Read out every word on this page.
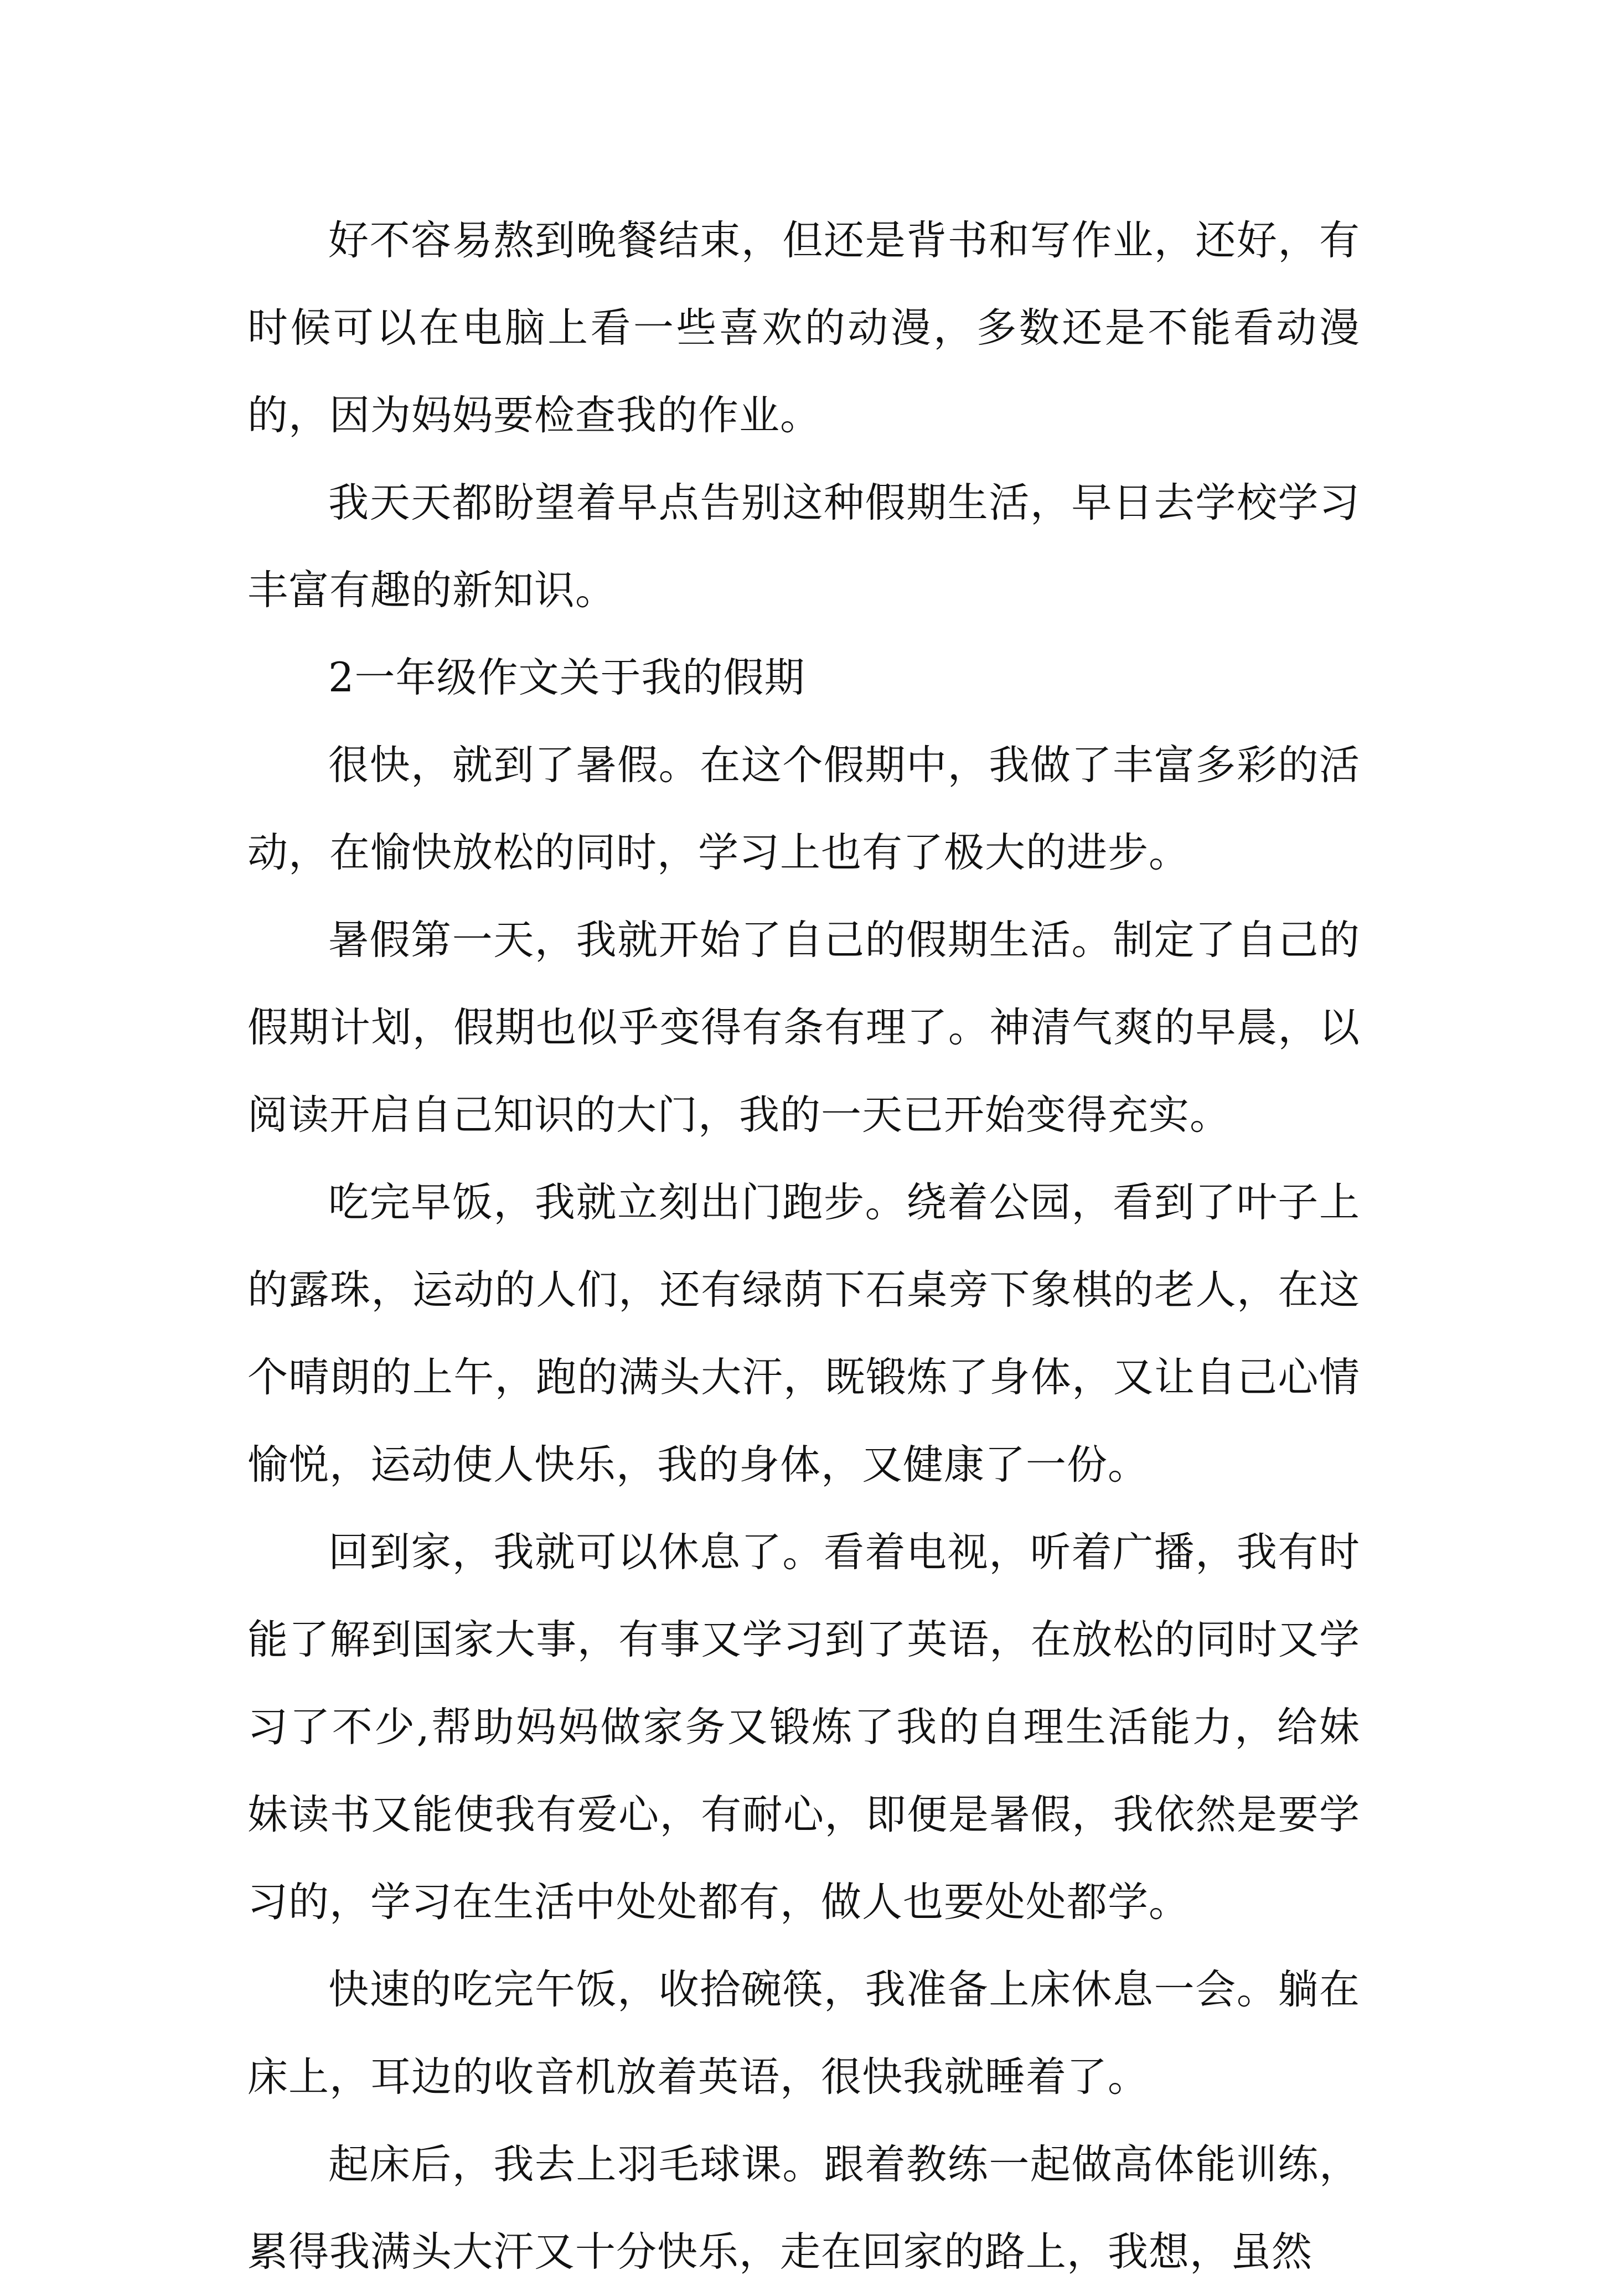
好不容易熬到晚餐结束，但还是背书和写作业，还好，有时候可以在电脑上看一些喜欢的动漫，多数还是不能看动漫的，因为妈妈要检查我的作业。

我天天都盼望着早点告别这种假期生活，早日去学校学习丰富有趣的新知识。

2一年级作文关于我的假期

很快，就到了暑假。在这个假期中，我做了丰富多彩的活动，在愉快放松的同时，学习上也有了极大的进步。

暑假第一天，我就开始了自己的假期生活。制定了自己的假期计划，假期也似乎变得有条有理了。神清气爽的早晨，以阅读开启自己知识的大门，我的一天已开始变得充实。

吃完早饭，我就立刻出门跑步。绕着公园，看到了叶子上的露珠，运动的人们，还有绿荫下石桌旁下象棋的老人，在这个晴朗的上午，跑的满头大汗，既锻炼了身体，又让自己心情愉悦，运动使人快乐，我的身体，又健康了一份。

回到家，我就可以休息了。看着电视，听着广播，我有时能了解到国家大事，有事又学习到了英语，在放松的同时又学习了不少,帮助妈妈做家务又锻炼了我的自理生活能力，给妹妹读书又能使我有爱心，有耐心，即便是暑假，我依然是要学习的，学习在生活中处处都有，做人也要处处都学。

快速的吃完午饭，收拾碗筷，我准备上床休息一会。躺在床上，耳边的收音机放着英语，很快我就睡着了。

起床后，我去上羽毛球课。跟着教练一起做高体能训练，累得我满头大汗又十分快乐，走在回家的路上，我想，虽然
